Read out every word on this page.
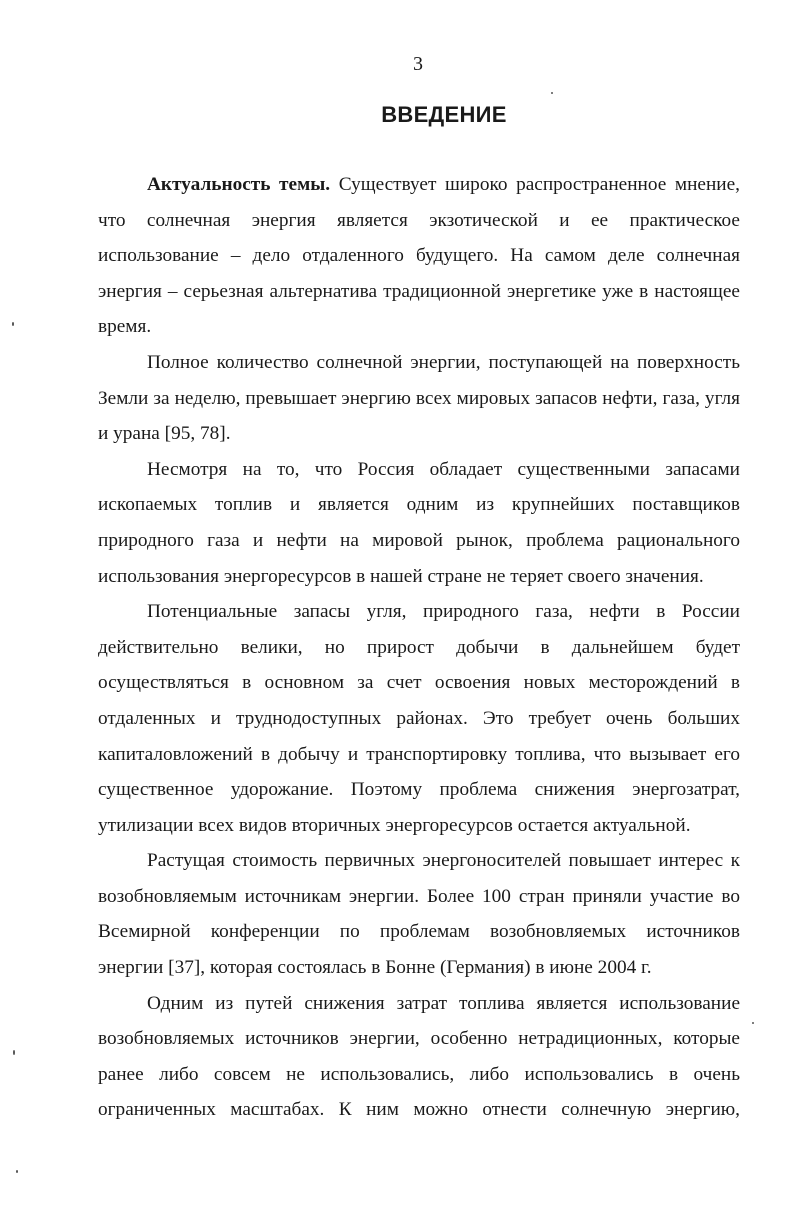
3
ВВЕДЕНИЕ
Актуальность темы. Существует широко распространенное мнение,
что солнечная энергия является экзотической и ее практическое
использование – дело отдаленного будущего. На самом деле солнечная
энергия – серьезная альтернатива традиционной энергетике уже в настоящее
время.
Полное количество солнечной энергии, поступающей на поверхность
Земли за неделю, превышает энергию всех мировых запасов нефти, газа, угля
и урана [95, 78].
Несмотря на то, что Россия обладает существенными запасами
ископаемых топлив и является одним из крупнейших поставщиков
природного газа и нефти на мировой рынок, проблема рационального
использования энергоресурсов в нашей стране не теряет своего значения.
Потенциальные запасы угля, природного газа, нефти в России
действительно велики, но прирост добычи в дальнейшем будет
осуществляться в основном за счет освоения новых месторождений в
отдаленных и труднодоступных районах. Это требует очень больших
капиталовложений в добычу и транспортировку топлива, что вызывает его
существенное удорожание. Поэтому проблема снижения энергозатрат,
утилизации всех видов вторичных энергоресурсов остается актуальной.
Растущая стоимость первичных энергоносителей повышает интерес к
возобновляемым источникам энергии. Более 100 стран приняли участие во
Всемирной конференции по проблемам возобновляемых источников
энергии [37], которая состоялась в Бонне (Германия) в июне 2004 г.
Одним из путей снижения затрат топлива является использование
возобновляемых источников энергии, особенно нетрадиционных, которые
ранее либо совсем не использовались, либо использовались в очень
ограниченных масштабах. К ним можно отнести солнечную энергию,
